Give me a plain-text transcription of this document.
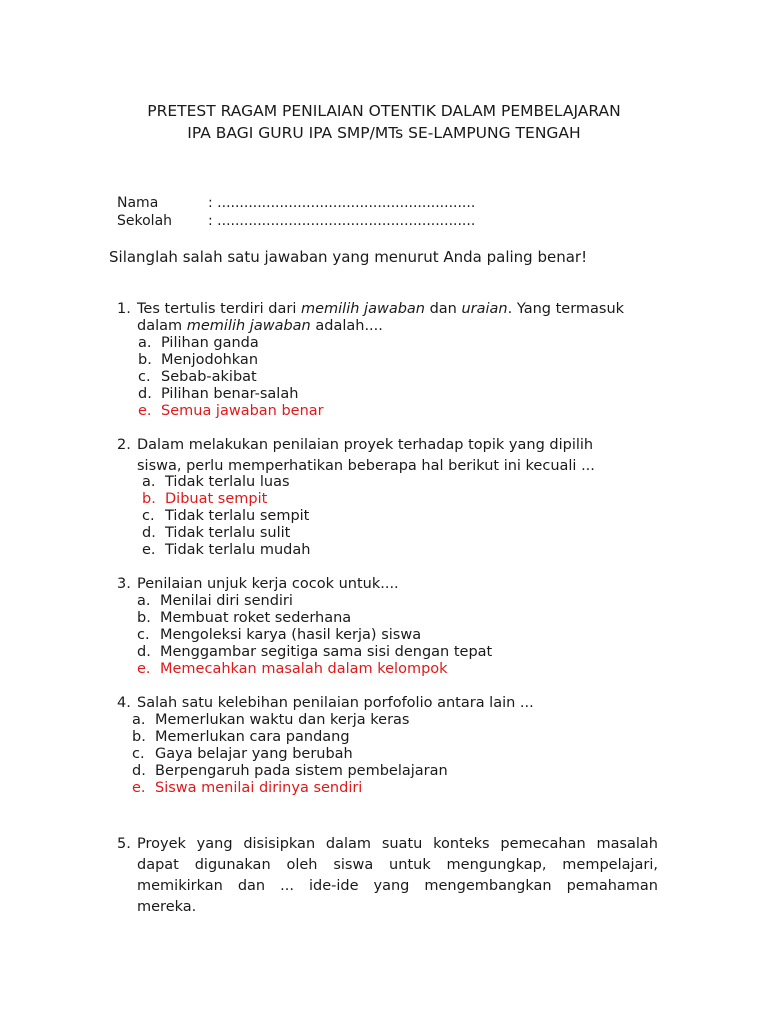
PRETEST RAGAM PENILAIAN OTENTIK DALAM PEMBELAJARAN
IPA BAGI GURU IPA SMP/MTs SE-LAMPUNG TENGAH
Nama	: ..........................................................
Sekolah	: ..........................................................
Silanglah salah satu jawaban yang menurut Anda paling benar!
1. Tes tertulis terdiri dari memilih jawaban dan uraian. Yang termasuk
dalam memilih jawaban adalah....
a. Pilihan ganda
b. Menjodohkan
c. Sebab-akibat
d. Pilihan benar-salah
e. Semua jawaban benar
2. Dalam melakukan penilaian proyek terhadap topik yang dipilih
siswa, perlu memperhatikan beberapa hal berikut ini kecuali ...
a. Tidak terlalu luas
b. Dibuat sempit
c. Tidak terlalu sempit
d. Tidak terlalu sulit
e. Tidak terlalu mudah
3. Penilaian unjuk kerja cocok untuk....
a. Menilai diri sendiri
b. Membuat roket sederhana
c. Mengoleksi karya (hasil kerja) siswa
d. Menggambar segitiga sama sisi dengan tepat
e. Memecahkan masalah dalam kelompok
4. Salah satu kelebihan penilaian porfofolio antara lain ...
a. Memerlukan waktu dan kerja keras
b. Memerlukan cara pandang
c. Gaya belajar yang berubah
d. Berpengaruh pada sistem pembelajaran
e. Siswa menilai dirinya sendiri
5. Proyek yang disisipkan dalam suatu konteks pemecahan masalah
dapat digunakan oleh siswa untuk mengungkap, mempelajari,
memikirkan dan ... ide-ide yang mengembangkan pemahaman
mereka.
